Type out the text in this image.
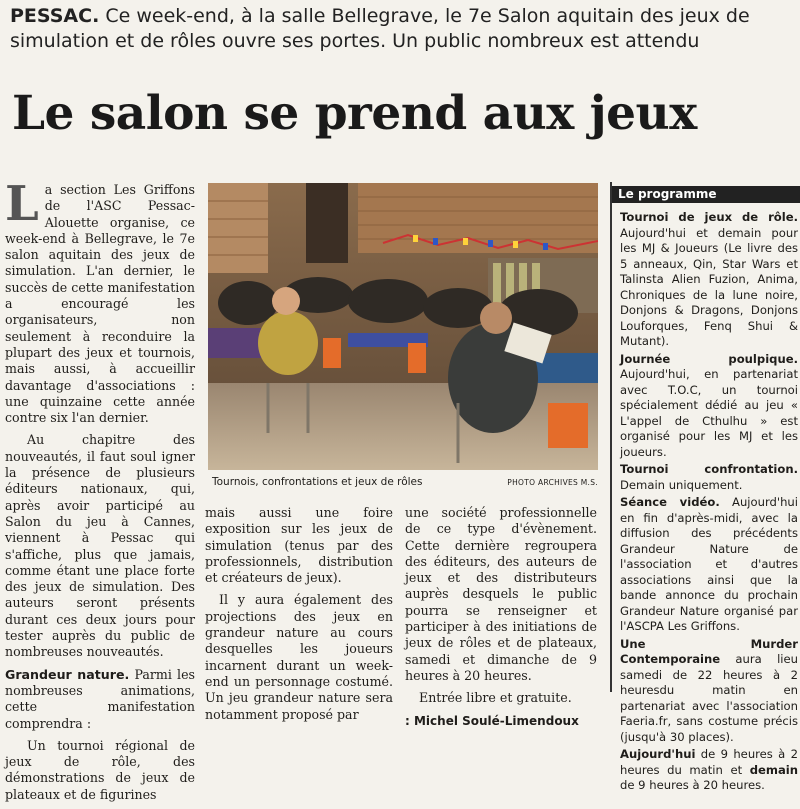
PESSAC. Ce week-end, à la salle Bellegrave, le 7e Salon aquitain des jeux de simulation et de rôles ouvre ses portes. Un public nombreux est attendu
Le salon se prend aux jeux

La section Les Griffons de l'ASC Pessac-Alouette organise, ce week-end à Bellegrave, le 7e salon aquitain des jeux de simulation. L'an dernier, le succès de cette manifestation a encouragé les organisateurs, non seulement à reconduire la plupart des jeux et tournois, mais aussi, à accueillir davantage d'associations : une quinzaine cette année contre six l'an dernier.

Au chapitre des nouveautés, il faut soul igner la présence de plusieurs éditeurs nationaux, qui, après avoir participé au Salon du jeu à Cannes, viennent à Pessac qui s'affiche, plus que jamais, comme étant une place forte des jeux de simulation. Des auteurs seront présents durant ces deux jours pour tester auprès du public de nombreuses nouveautés.

Grandeur nature. Parmi les nombreuses animations, cette manifestation comprendra :

Un tournoi régional de jeux de rôle, des démonstrations de jeux de plateaux et de figurines

Tournois, confrontations et jeux de rôles	PHOTO ARCHIVES M.S.

mais aussi une foire exposition sur les jeux de simulation (tenus par des professionnels, distribution et créateurs de jeux).

Il y aura également des projections des jeux en grandeur nature au cours desquelles les joueurs incarnent durant un week-end un personnage costumé. Un jeu grandeur nature sera notamment proposé par

une société professionnelle de ce type d'évènement. Cette dernière regroupera des éditeurs, des auteurs de jeux et des distributeurs auprès desquels le public pourra se renseigner et participer à des initiations de jeux de rôles et de plateaux, samedi et dimanche de 9 heures à 20 heures.

Entrée libre et gratuite.

: Michel Soulé-Limendoux

Le programme

Tournoi de jeux de rôle. Aujourd'hui et demain pour les MJ & Joueurs (Le livre des 5 anneaux, Qin, Star Wars et Talinsta Alien Fuzion, Anima, Chroniques de la lune noire, Donjons & Dragons, Donjons Louforques, Fenq Shui & Mutant).

Journée poulpique. Aujourd'hui, en partenariat avec T.O.C, un tournoi spécialement dédié au jeu « L'appel de Cthulhu » est organisé pour les MJ et les joueurs.

Tournoi confrontation. Demain uniquement.

Séance vidéo. Aujourd'hui en fin d'après-midi, avec la diffusion des précédents Grandeur Nature de l'association et d'autres associations ainsi que la bande annonce du prochain Grandeur Nature organisé par l'ASCPA Les Griffons.

Une Murder Contemporaine aura lieu samedi de 22 heures à 2 heuresdu matin en partenariat avec l'association Faeria.fr, sans costume précis (jusqu'à 30 places).

Aujourd'hui de 9 heures à 2 heures du matin et demain de 9 heures à 20 heures.
